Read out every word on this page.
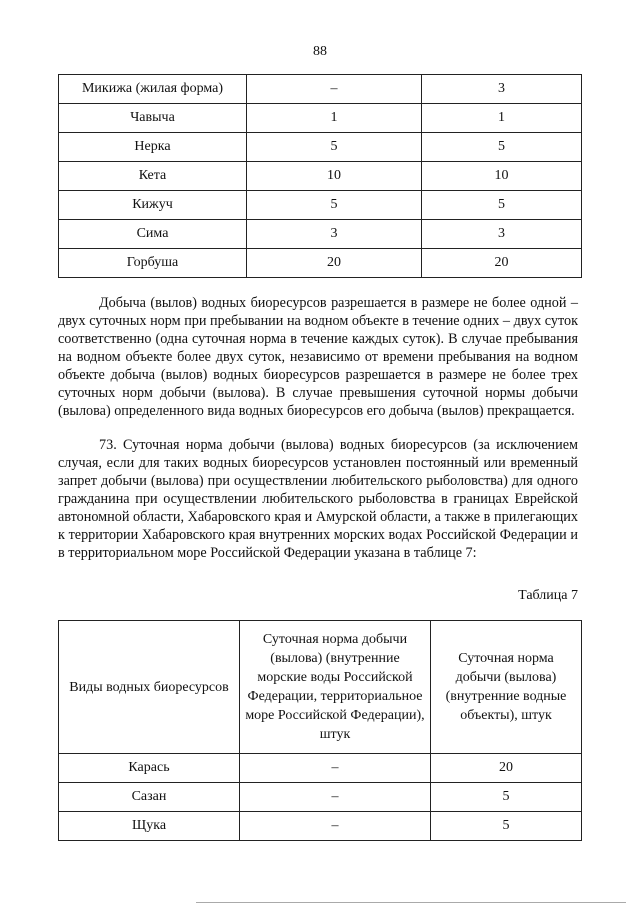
88
Микижа (жилая форма)	–	3
Чавыча	1	1
Нерка	5	5
Кета	10	10
Кижуч	5	5
Сима	3	3
Горбуша	20	20

Добыча (вылов) водных биоресурсов разрешается в размере не более одной – двух суточных норм при пребывании на водном объекте в течение одних – двух суток соответственно (одна суточная норма в течение каждых суток). В случае пребывания на водном объекте более двух суток, независимо от времени пребывания на водном объекте добыча (вылов) водных биоресурсов разрешается в размере не более трех суточных норм добычи (вылова). В случае превышения суточной нормы добычи (вылова) определенного вида водных биоресурсов его добыча (вылов) прекращается.

73. Суточная норма добычи (вылова) водных биоресурсов (за исключением случая, если для таких водных биоресурсов установлен постоянный или временный запрет добычи (вылова) при осуществлении любительского рыболовства) для одного гражданина при осуществлении любительского рыболовства в границах Еврейской автономной области, Хабаровского края и Амурской области, а также в прилегающих к территории Хабаровского края внутренних морских водах Российской Федерации и в территориальном море Российской Федерации указана в таблице 7:

Таблица 7
Виды водных биоресурсов	Суточная норма добычи (вылова) (внутренние морские воды Российской Федерации, территориальное море Российской Федерации), штук	Суточная норма добычи (вылова) (внутренние водные объекты), штук
Карась	–	20
Сазан	–	5
Щука	–	5
